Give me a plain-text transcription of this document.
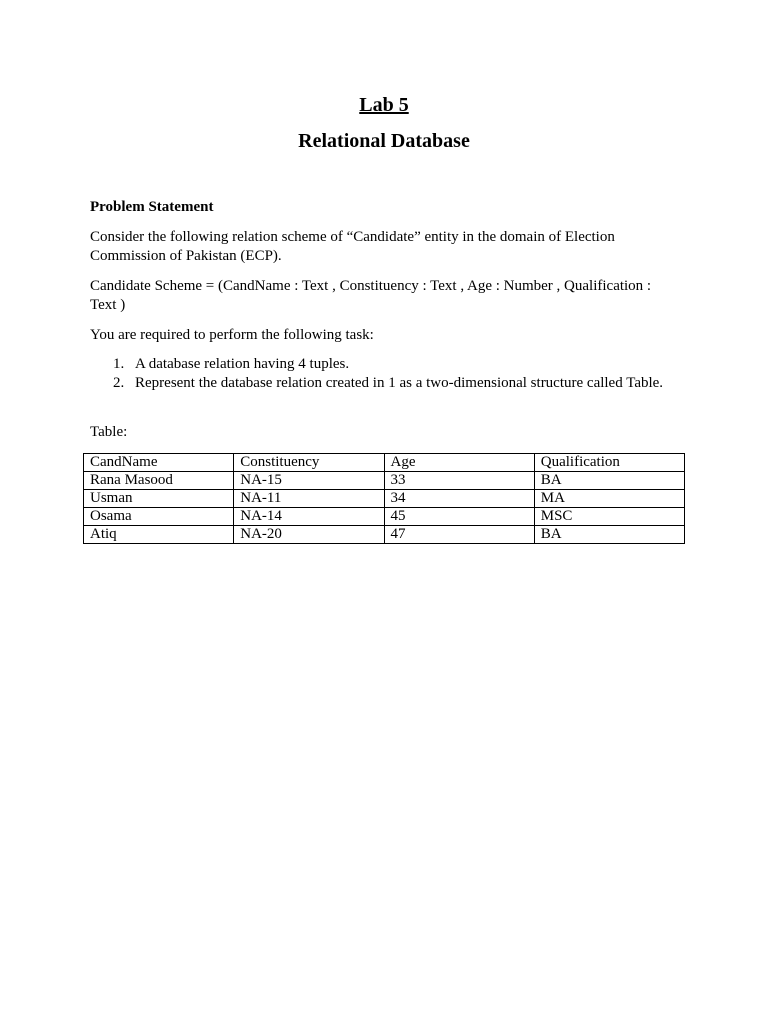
Lab 5
Relational Database

Problem Statement

Consider the following relation scheme of “Candidate” entity in the domain of Election Commission of Pakistan (ECP).

Candidate Scheme = (CandName : Text , Constituency : Text , Age : Number , Qualification : Text )

You are required to perform the following task:

1. A database relation having 4 tuples.
2. Represent the database relation created in 1 as a two-dimensional structure called Table.

Table:

CandName	Constituency	Age	Qualification
Rana Masood	NA-15	33	BA
Usman	NA-11	34	MA
Osama	NA-14	45	MSC
Atiq	NA-20	47	BA
